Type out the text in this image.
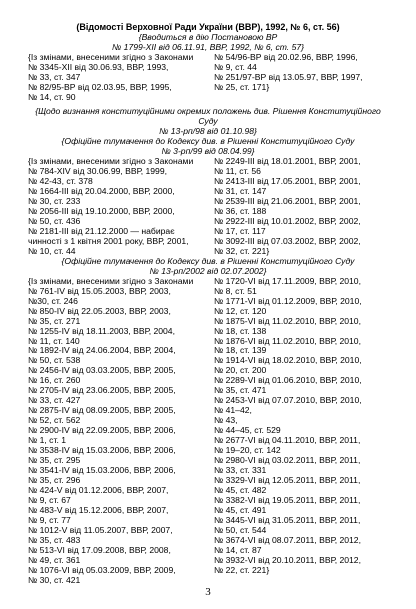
(Відомості Верховної Ради України (ВВР), 1992, № 6, ст. 56)
{Вводиться в дію Постановою ВР
№ 1799-XII від 06.11.91, ВВР, 1992, № 6, ст. 57}
{Із змінами, внесеними згідно з Законами
№ 3345-XII від 30.06.93, ВВР, 1993,
№ 33, ст. 347
№ 82/95-ВР від 02.03.95, ВВР, 1995,
№ 14, ст. 90
№ 54/96-ВР від 20.02.96, ВВР, 1996,
№ 9, ст. 44
№ 251/97-ВР від 13.05.97, ВВР, 1997,
№ 25, ст. 171}
{Щодо визнання конституційними окремих положень див. Рішення Конституційного
Суду
№ 13-рп/98 від 01.10.98}
{Офіційне тлумачення до Кодексу див. в Рішенні Конституційного Суду
№ 3-рп/99 від 08.04.99}
{Із змінами, внесеними згідно з Законами
№ 784-XIV від 30.06.99, ВВР, 1999,
№ 42-43, ст. 378
№ 1664-III від 20.04.2000, ВВР, 2000,
№ 30, ст. 233
№ 2056-III від 19.10.2000, ВВР, 2000,
№ 50, ст. 436
№ 2181-III від 21.12.2000 — набирає
чинності з 1 квітня 2001 року, ВВР, 2001,
№ 10, ст. 44
№ 2249-III від 18.01.2001, ВВР, 2001,
№ 11, ст. 56
№ 2413-III від 17.05.2001, ВВР, 2001,
№ 31, ст. 147
№ 2539-III від 21.06.2001, ВВР, 2001,
№ 36, ст. 188
№ 2922-III від 10.01.2002, ВВР, 2002,
№ 17, ст. 117
№ 3092-III від 07.03.2002, ВВР, 2002,
№ 32, ст. 221}
{Офіційне тлумачення до Кодексу див. в Рішенні Конституційного Суду
№ 13-рп/2002 від 02.07.2002}
{Із змінами, внесеними згідно з Законами
№ 761-IV від 15.05.2003, ВВР, 2003,
№30, ст. 246
№ 850-IV від 22.05.2003, ВВР, 2003,
№ 35, ст. 271
№ 1255-IV від 18.11.2003, ВВР, 2004,
№ 11, ст. 140
№ 1892-IV від 24.06.2004, ВВР, 2004,
№ 50, ст. 538
№ 2456-IV від 03.03.2005, ВВР, 2005,
№ 16, ст. 260
№ 2705-IV від 23.06.2005, ВВР, 2005,
№ 33, ст. 427
№ 2875-IV від 08.09.2005, ВВР, 2005,
№ 52, ст. 562
№ 2900-IV від 22.09.2005, ВВР, 2006,
№ 1, ст. 1
№ 3538-IV від 15.03.2006, ВВР, 2006,
№ 35, ст. 295
№ 3541-IV від 15.03.2006, ВВР, 2006,
№ 35, ст. 296
№ 424-V від 01.12.2006, ВВР, 2007,
№ 9, ст. 67
№ 483-V від 15.12.2006, ВВР, 2007,
№ 9, ст. 77
№ 1012-V від 11.05.2007, ВВР, 2007,
№ 35, ст. 483
№ 513-VI від 17.09.2008, ВВР, 2008,
№ 49, ст. 361
№ 1076-VI від 05.03.2009, ВВР, 2009,
№ 30, ст. 421
№ 1720-VI від 17.11.2009, ВВР, 2010,
№ 8, ст. 51
№ 1771-VI від 01.12.2009, ВВР, 2010,
№ 12, ст. 120
№ 1875-VI від 11.02.2010, ВВР, 2010,
№ 18, ст. 138
№ 1876-VI від 11.02.2010, ВВР, 2010,
№ 18, ст. 139
№ 1914-VI від 18.02.2010, ВВР, 2010,
№ 20, ст. 200
№ 2289-VI від 01.06.2010, ВВР, 2010,
№ 35, ст. 471
№ 2453-VI від 07.07.2010, ВВР, 2010,
№ 41–42,
№ 43,
№ 44–45, ст. 529
№ 2677-VI від 04.11.2010, ВВР, 2011,
№ 19–20, ст. 142
№ 2980-VI від 03.02.2011, ВВР, 2011,
№ 33, ст. 331
№ 3329-VI від 12.05.2011, ВВР, 2011,
№ 45, ст. 482
№ 3382-VI від 19.05.2011, ВВР, 2011,
№ 45, ст. 491
№ 3445-VI від 31.05.2011, ВВР, 2011,
№ 50, ст. 544
№ 3674-VI від 08.07.2011, ВВР, 2012,
№ 14, ст. 87
№ 3932-VI від 20.10.2011, ВВР, 2012,
№ 22, ст. 221}
3
